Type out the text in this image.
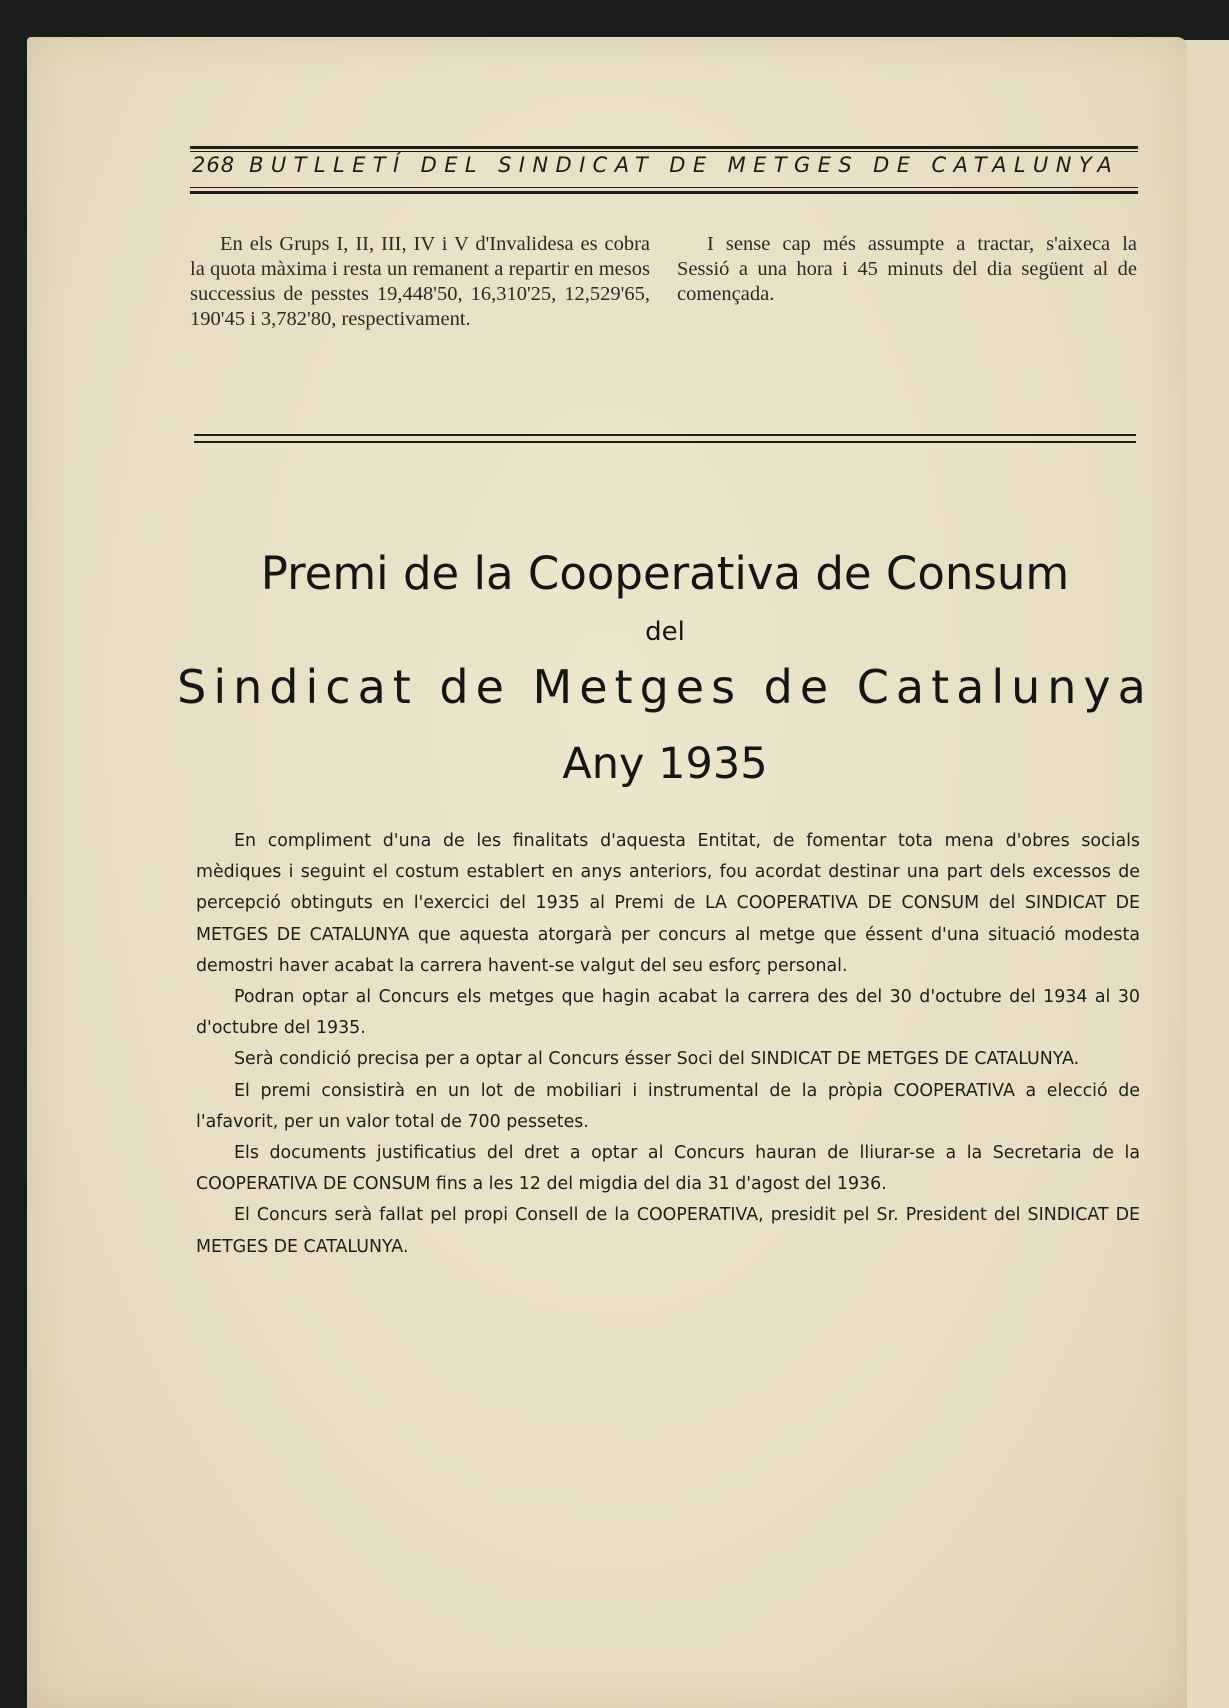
268 BUTLLETÍ DEL SINDICAT DE METGES DE CATALUNYA

En els Grups I, II, III, IV i V d'Invalidesa es cobra la quota màxima i resta un remanent a repartir en mesos successius de pesstes 19,448'50, 16,310'25, 12,529'65, 190'45 i 3,782'80, respectivament.

I sense cap més assumpte a tractar, s'aixeca la Sessió a una hora i 45 minuts del dia següent al de començada.

Premi de la Cooperativa de Consum
del
Sindicat de Metges de Catalunya
Any 1935

En compliment d'una de les finalitats d'aquesta Entitat, de fomentar tota mena d'obres socials mèdiques i seguint el costum establert en anys anteriors, fou acordat destinar una part dels excessos de percepció obtinguts en l'exercici del 1935 al Premi de LA COOPERATIVA DE CONSUM del SINDICAT DE METGES DE CATALUNYA que aquesta atorgarà per concurs al metge que éssent d'una situació modesta demostri haver acabat la carrera havent-se valgut del seu esforç personal.

Podran optar al Concurs els metges que hagin acabat la carrera des del 30 d'octubre del 1934 al 30 d'octubre del 1935.

Serà condició precisa per a optar al Concurs ésser Soci del SINDICAT DE METGES DE CATALUNYA.

El premi consistirà en un lot de mobiliari i instrumental de la pròpia COOPERATIVA a elecció de l'afavorit, per un valor total de 700 pessetes.

Els documents justificatius del dret a optar al Concurs hauran de lliurar-se a la Secretaria de la COOPERATIVA DE CONSUM fins a les 12 del migdia del dia 31 d'agost del 1936.

El Concurs serà fallat pel propi Consell de la COOPERATIVA, presidit pel Sr. President del SINDICAT DE METGES DE CATALUNYA.
